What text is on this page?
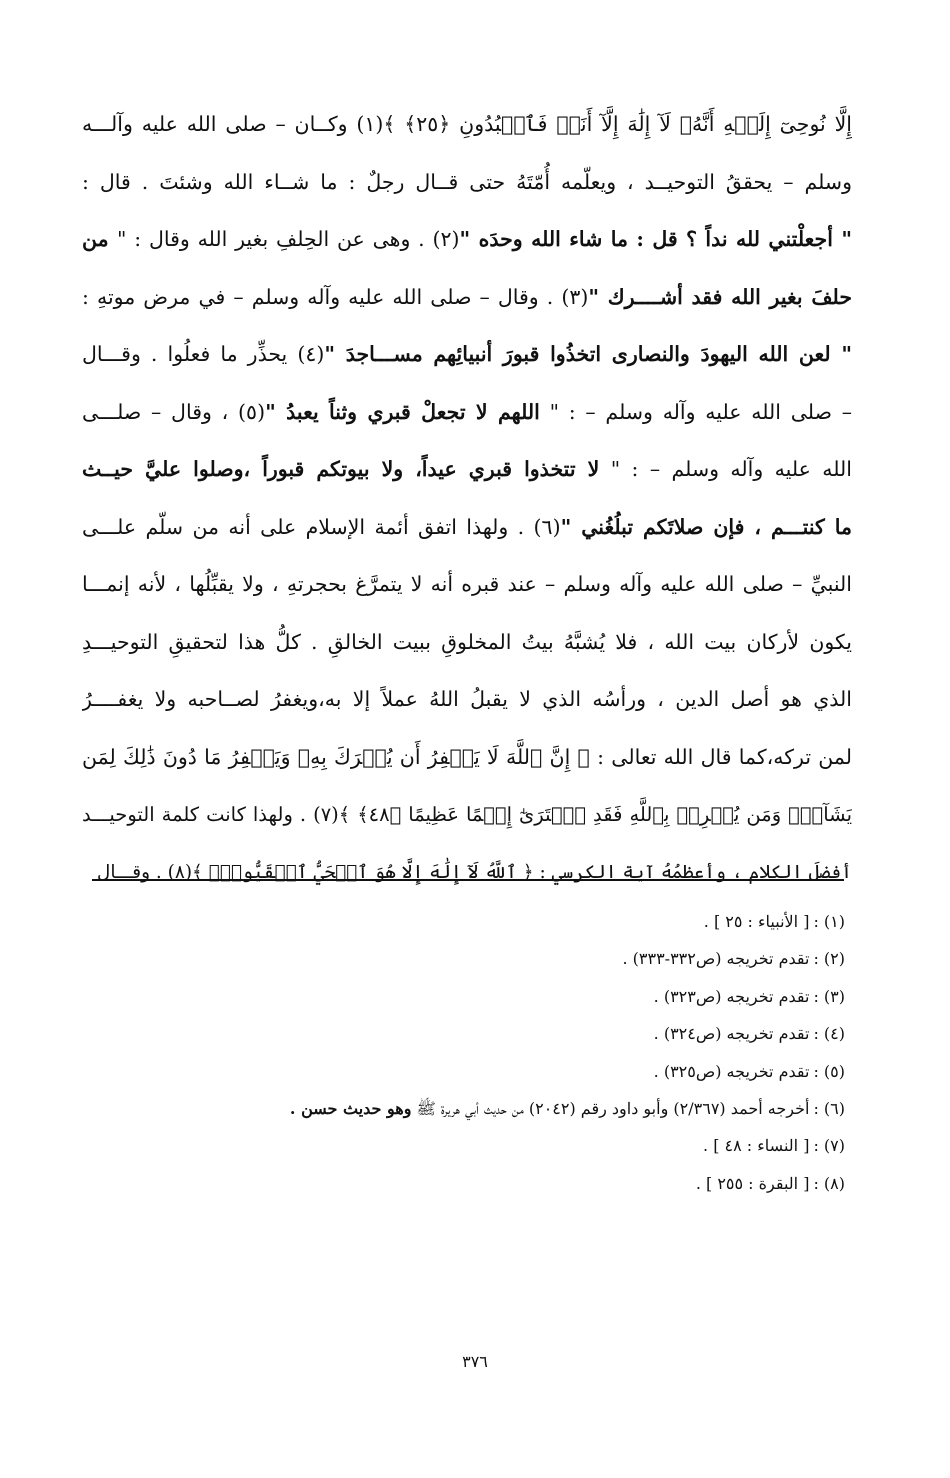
إِلَّا نُوحِىٓ إِلَيۡهِ أَنَّهُۥ لَآ إِلَٰهَ إِلَّآ أَنَا۠ فَٱعۡبُدُونِ ﴿٢٥﴾ ﴾(١) وكــان – صلى الله عليه وآلـــه
وسلم – يحققُ التوحيــد ، ويعلّمه أُمّتَهُ حتى قــال رجلٌ : ما شــاء الله وشئتَ . قال :
" أجعلْتني لله نداً ؟ قل : ما شاء الله وحدَه "(٢) . وهى عن الحِلفِ بغير الله وقال : " من
حلفَ بغير الله فقد أشــــرك "(٣) . وقال – صلى الله عليه وآله وسلم – في مرض موتهِ :
" لعن الله اليهودَ والنصارى اتخذُوا قبورَ أنبيائِهم مســـاجدَ "(٤) يحذِّر ما فعلُوا . وقـــال
– صلى الله عليه وآله وسلم – : " اللهم لا تجعلْ قبري وثناً يعبدُ "(٥) ، وقال – صلـــى
الله عليه وآله وسلم – : " لا تتخذوا قبري عيداً، ولا بيوتكم قبوراً ،وصلوا عليَّ حيــث
ما كنتـــم ، فإن صلاتَكم تبلُغُني "(٦) . ولهذا اتفق أئمة الإسلام على أنه من سلّم علـــى
النبيِّ – صلى الله عليه وآله وسلم – عند قبره أنه لا يتمرَّغ بحجرتهِ ، ولا يقبِّلُها ، لأنه إنمـــا
يكون لأركان بيت الله ، فلا يُشبَّهُ بيتُ المخلوقِ ببيت الخالقِ . كلُّ هذا لتحقيقِ التوحيـــدِ
الذي هو أصل الدين ، ورأسُه الذي لا يقبلُ اللهُ عملاً إلا به،ويغفرُ لصــاحبه ولا يغفــــرُ
لمن تركه،كما قال الله تعالى : ﴿ إِنَّ ٱللَّهَ لَا يَغۡفِرُ أَن يُشۡرَكَ بِهِۦ وَيَغۡفِرُ مَا دُونَ ذَٰلِكَ لِمَن
يَشَآءُۚ وَمَن يُشۡرِكۡ بِٱللَّهِ فَقَدِ ٱفۡتَرَىٰٓ إِثۡمًا عَظِيمًا ﴿٤٨﴾ ﴾(٧) . ولهذا كانت كلمة التوحيـــد
أفضلَ الكلام ، وأعظمُهُ آية الكرسي : ﴿ ٱللَّهُ لَآ إِلَٰهَ إِلَّا هُوَ ٱلۡحَيُّ ٱلۡقَيُّومُۚ ﴾(٨) . وقـــال
(١) :[ الأنبياء : ٢٥ ] .
(٢) :تقدم تخريجه (ص٣٣٢-٣٣٣) .
(٣) :تقدم تخريجه (ص٣٢٣) .
(٤) :تقدم تخريجه (ص٣٢٤) .
(٥) :تقدم تخريجه (ص٣٢٥) .
(٦) :أخرجه أحمد (٢/٣٦٧) وأبو داود رقم (٢٠٤٢) من حديث أبي هريرة ﷺ وهو حديث حسن .
(٧) :[ النساء : ٤٨ ] .
(٨) :[ البقرة : ٢٥٥ ] .
٣٧٦
